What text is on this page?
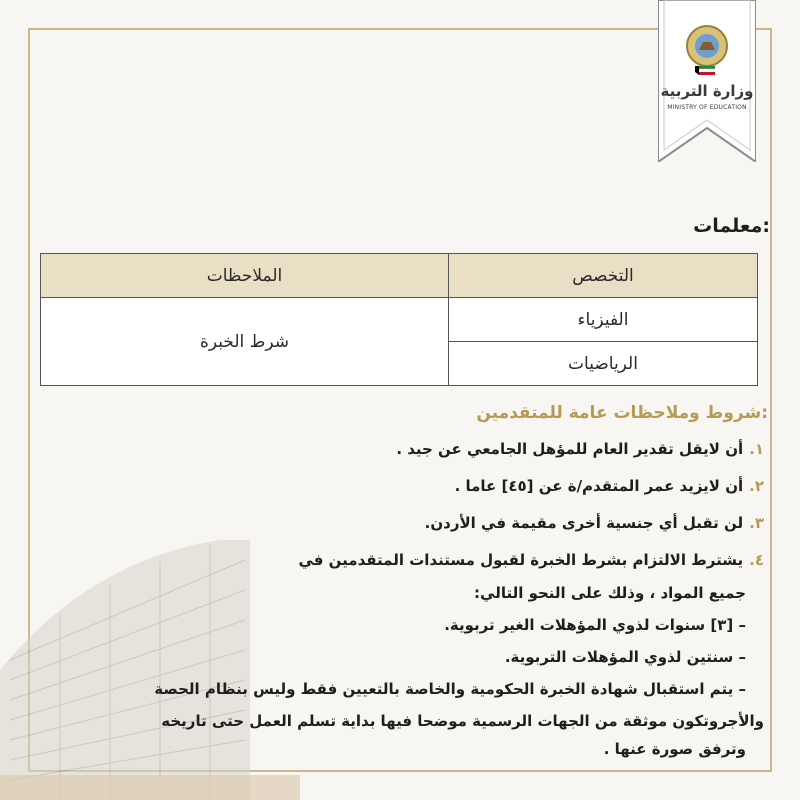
وزارة التربية
MINISTRY OF EDUCATION
معلمات:
التخصص	الملاحظات
الفيزياء	شرط الخبرة
الرياضيات	
شروط وملاحظات عامة للمتقدمين:
١.أن لايقل تقدير العام للمؤهل الجامعي عن جيد .
٢.أن لايزيد عمر المتقدم/ة عن [٤٥] عاما .
٣.لن تقبل أي جنسية أخرى مقيمة في الأردن.
٤.يشترط الالتزام بشرط الخبرة لقبول مستندات المتقدمين في
جميع المواد ، وذلك على النحو التالي:
– [٣] سنوات لذوي المؤهلات الغير تربوية.
– سنتين لذوي المؤهلات التربوية.
– يتم استقبال شهادة الخبرة الحكومية والخاصة بالتعيين فقط وليس بنظام الحصة
والأجروتكون موثقة من الجهات الرسمية موضحا فيها بداية تسلم العمل حتى تاريخه
وترفق صورة عنها .
